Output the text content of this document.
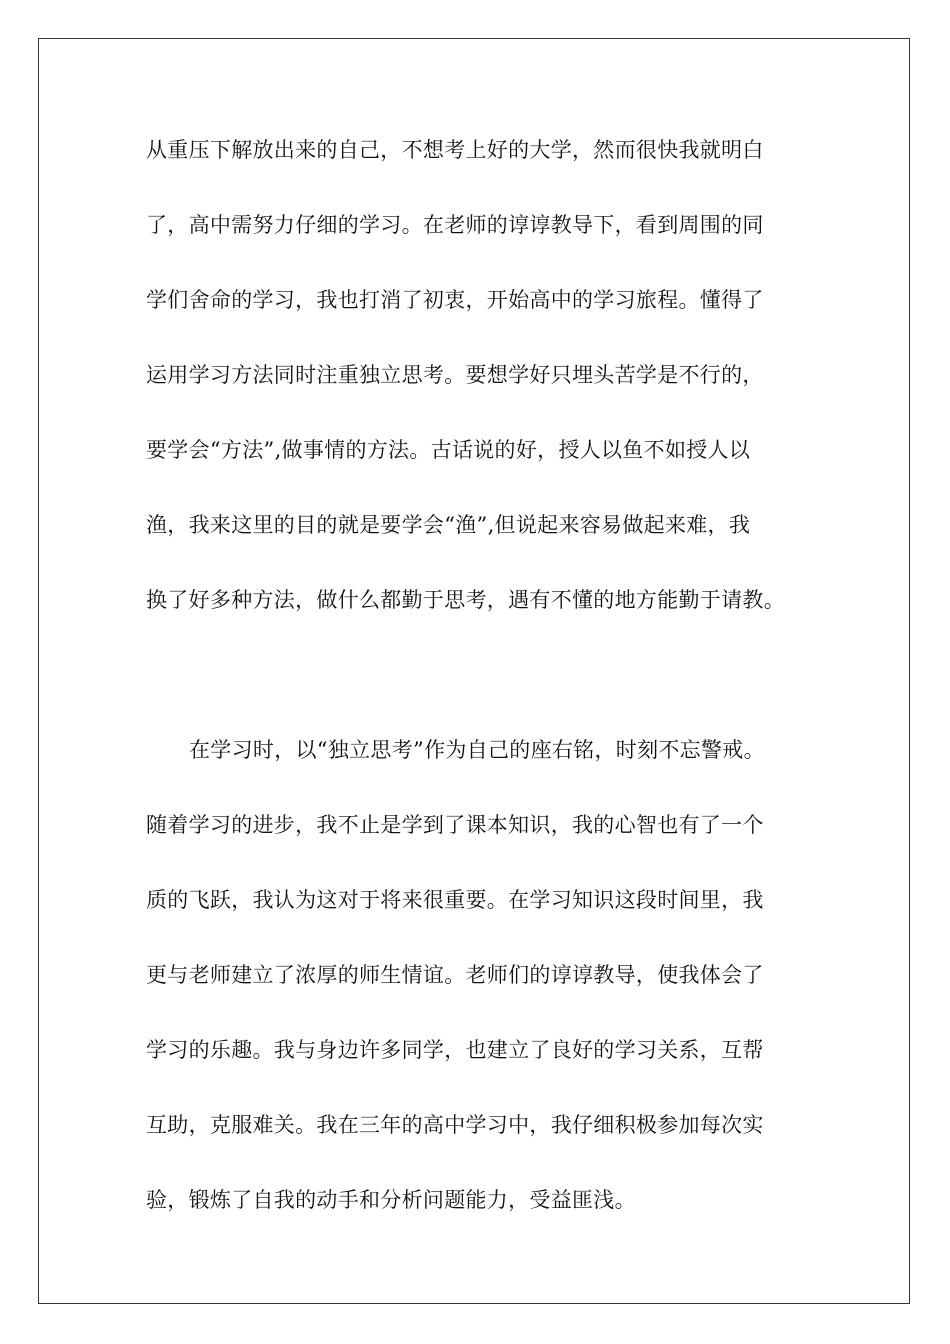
从重压下解放出来的自己，不想考上好的大学，然而很快我就明白
了，高中需努力仔细的学习。在老师的谆谆教导下，看到周围的同
学们舍命的学习，我也打消了初衷，开始高中的学习旅程。懂得了
运用学习方法同时注重独立思考。要想学好只埋头苦学是不行的，
要学会“方法”,做事情的方法。古话说的好，授人以鱼不如授人以
渔，我来这里的目的就是要学会“渔”,但说起来容易做起来难，我
换了好多种方法，做什么都勤于思考，遇有不懂的地方能勤于请教。
在学习时，以“独立思考”作为自己的座右铭，时刻不忘警戒。
随着学习的进步，我不止是学到了课本知识，我的心智也有了一个
质的飞跃，我认为这对于将来很重要。在学习知识这段时间里，我
更与老师建立了浓厚的师生情谊。老师们的谆谆教导，使我体会了
学习的乐趣。我与身边许多同学，也建立了良好的学习关系，互帮
互助，克服难关。我在三年的高中学习中，我仔细积极参加每次实
验，锻炼了自我的动手和分析问题能力，受益匪浅。
